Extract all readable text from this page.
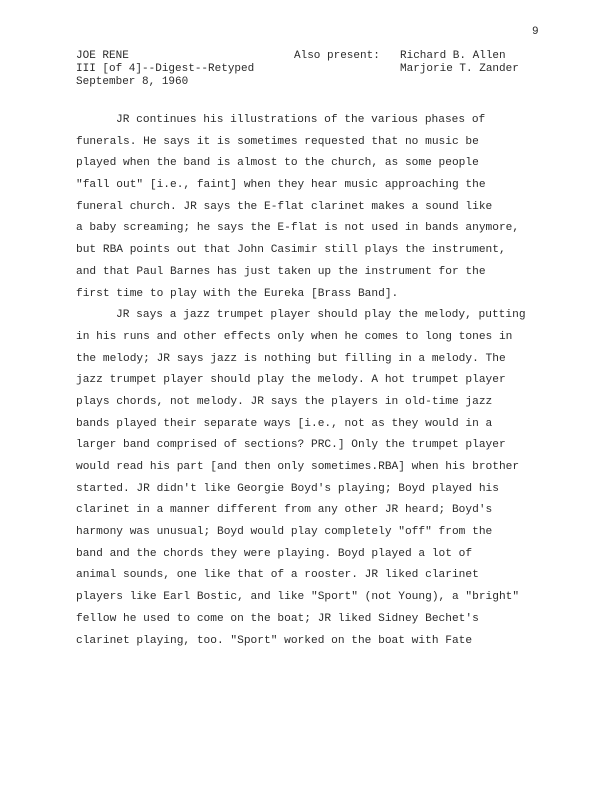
9
JOE RENE
III [of 4]--Digest--Retyped
September 8, 1960
Also present: Richard B. Allen
Marjorie T. Zander
JR continues his illustrations of the various phases of
funerals. He says it is sometimes requested that no music be
played when the band is almost to the church, as some people
"fall out" [i.e., faint] when they hear music approaching the
funeral church. JR says the E-flat clarinet makes a sound like
a baby screaming; he says the E-flat is not used in bands anymore,
but RBA points out that John Casimir still plays the instrument,
and that Paul Barnes has just taken up the instrument for the
first time to play with the Eureka [Brass Band].
JR says a jazz trumpet player should play the melody, putting
in his runs and other effects only when he comes to long tones in
the melody; JR says jazz is nothing but filling in a melody. The
jazz trumpet player should play the melody. A hot trumpet player
plays chords, not melody. JR says the players in old-time jazz
bands played their separate ways [i.e., not as they would in a
larger band comprised of sections? PRC.] Only the trumpet player
would read his part [and then only sometimes.RBA] when his brother
started. JR didn't like Georgie Boyd's playing; Boyd played his
clarinet in a manner different from any other JR heard; Boyd's
harmony was unusual; Boyd would play completely "off" from the
band and the chords they were playing. Boyd played a lot of
animal sounds, one like that of a rooster. JR liked clarinet
players like Earl Bostic, and like "Sport" (not Young), a "bright"
fellow he used to come on the boat; JR liked Sidney Bechet's
clarinet playing, too. "Sport" worked on the boat with Fate
